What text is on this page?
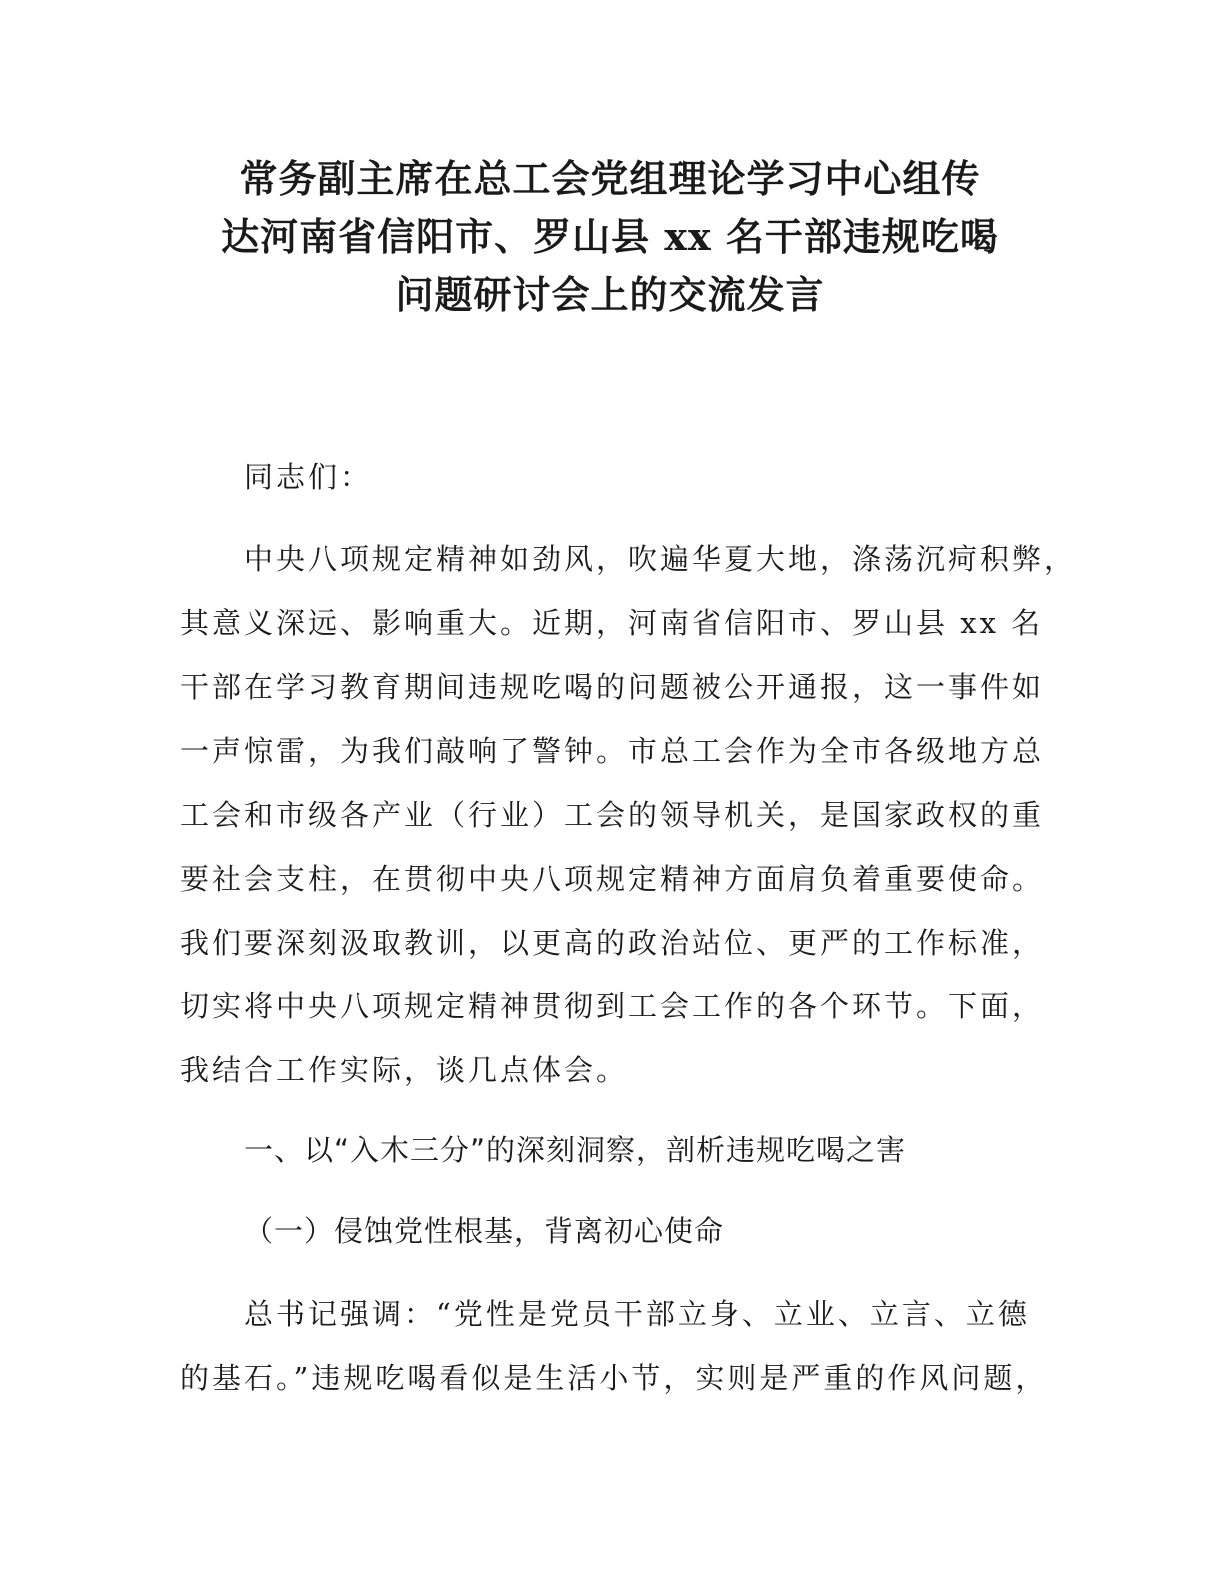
常务副主席在总工会党组理论学习中心组传
达河南省信阳市、罗山县 xx 名干部违规吃喝
问题研讨会上的交流发言

同志们：

中央八项规定精神如劲风，吹遍华夏大地，涤荡沉疴积弊，

其意义深远、影响重大。近期，河南省信阳市、罗山县 xx 名

干部在学习教育期间违规吃喝的问题被公开通报，这一事件如

一声惊雷，为我们敲响了警钟。市总工会作为全市各级地方总

工会和市级各产业（行业）工会的领导机关，是国家政权的重

要社会支柱，在贯彻中央八项规定精神方面肩负着重要使命。

我们要深刻汲取教训，以更高的政治站位、更严的工作标准，

切实将中央八项规定精神贯彻到工会工作的各个环节。下面，

我结合工作实际，谈几点体会。

一、以“入木三分”的深刻洞察，剖析违规吃喝之害
（一）侵蚀党性根基，背离初心使命

总书记强调：“党性是党员干部立身、立业、立言、立德

的基石。”违规吃喝看似是生活小节，实则是严重的作风问题，
